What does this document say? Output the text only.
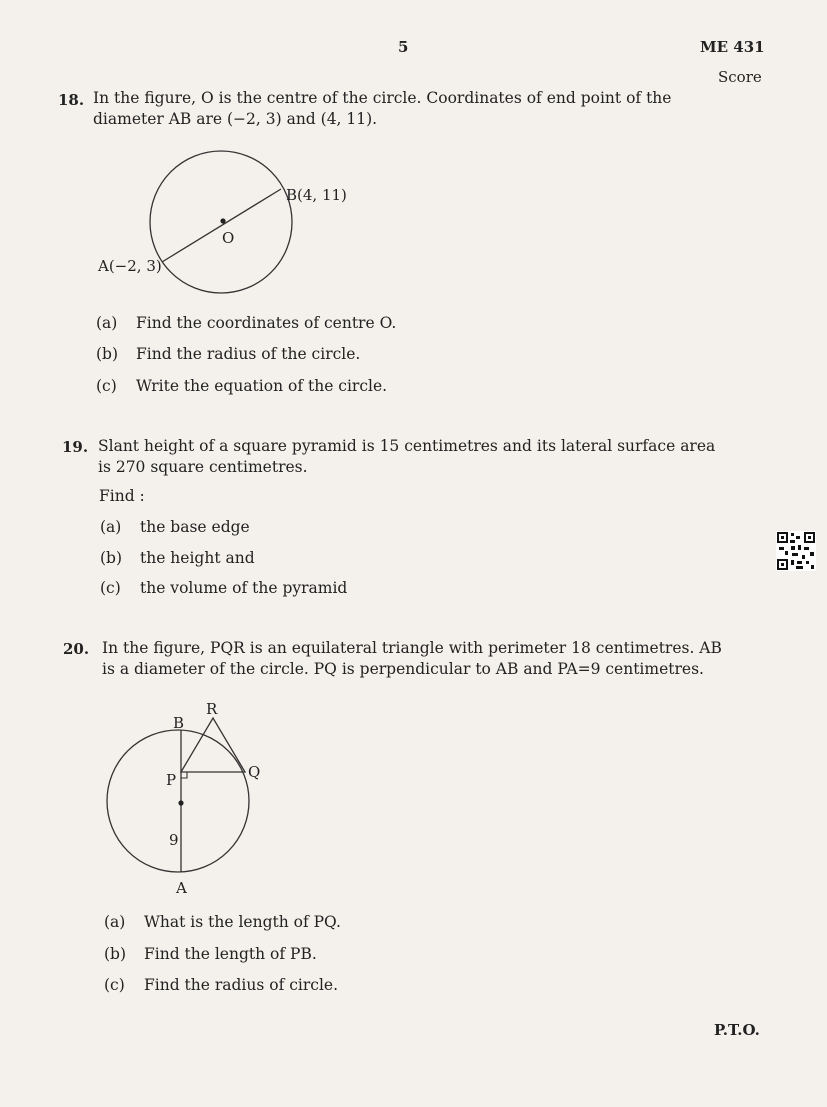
5	ME 431
Score
18. In the figure, O is the centre of the circle. Coordinates of end point of the diameter AB are (−2, 3) and (4, 11).
B(4, 11)
O
A(−2, 3)
(a) Find the coordinates of centre O.
(b) Find the radius of the circle.
(c) Write the equation of the circle.
19. Slant height of a square pyramid is 15 centimetres and its lateral surface area is 270 square centimetres.
Find :
(a) the base edge
(b) the height and
(c) the volume of the pyramid
20. In the figure, PQR is an equilateral triangle with perimeter 18 centimetres. AB is a diameter of the circle. PQ is perpendicular to AB and PA=9 centimetres.
R
B
Q
P
9
A
(a) What is the length of PQ.
(b) Find the length of PB.
(c) Find the radius of circle.
P.T.O.
